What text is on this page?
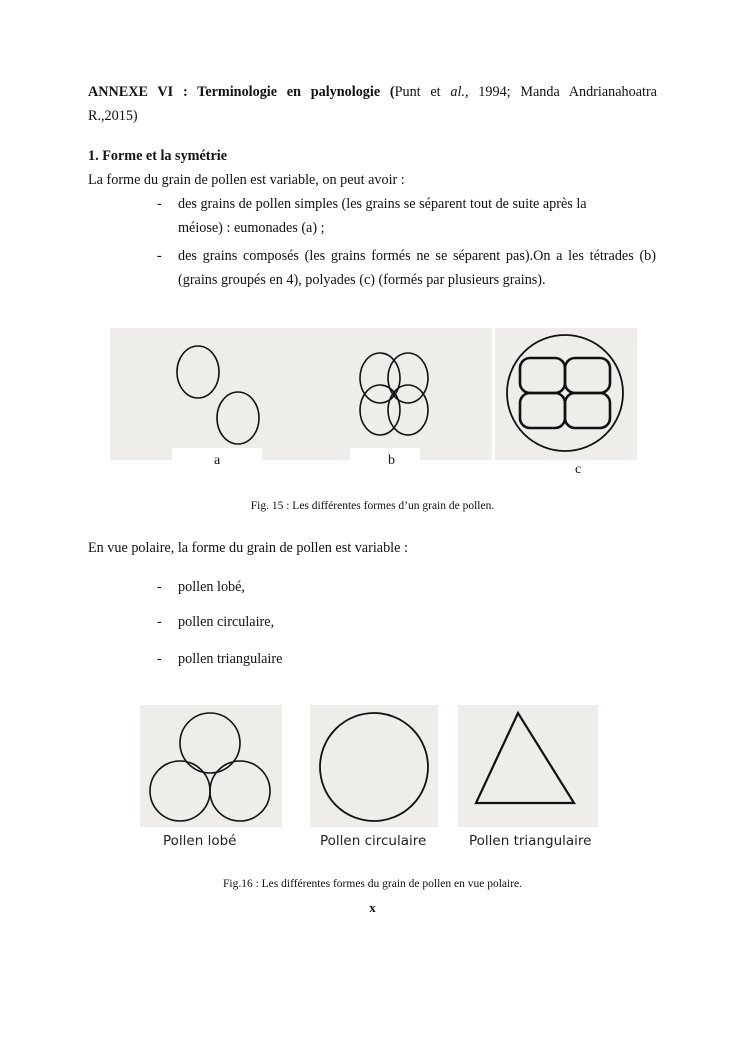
ANNEXE VI : Terminologie en palynologie (Punt et al., 1994; Manda Andrianahoatra
R.,2015)
1. Forme et la symétrie
La forme du grain de pollen est variable, on peut avoir :
- des grains de pollen simples (les grains se séparent tout de suite après la
méiose) : eumonades (a) ;
- des grains composés (les grains formés ne se séparent pas).On a les tétrades (b)
(grains groupés en 4), polyades (c) (formés par plusieurs grains).
a	b
c
Fig. 15 : Les différentes formes d’un grain de pollen.
En vue polaire, la forme du grain de pollen est variable :
- pollen lobé,
- pollen circulaire,
- pollen triangulaire
Pollen lobé	Pollen circulaire	Pollen triangulaire
Fig.16 : Les différentes formes du grain de pollen en vue polaire.
x
